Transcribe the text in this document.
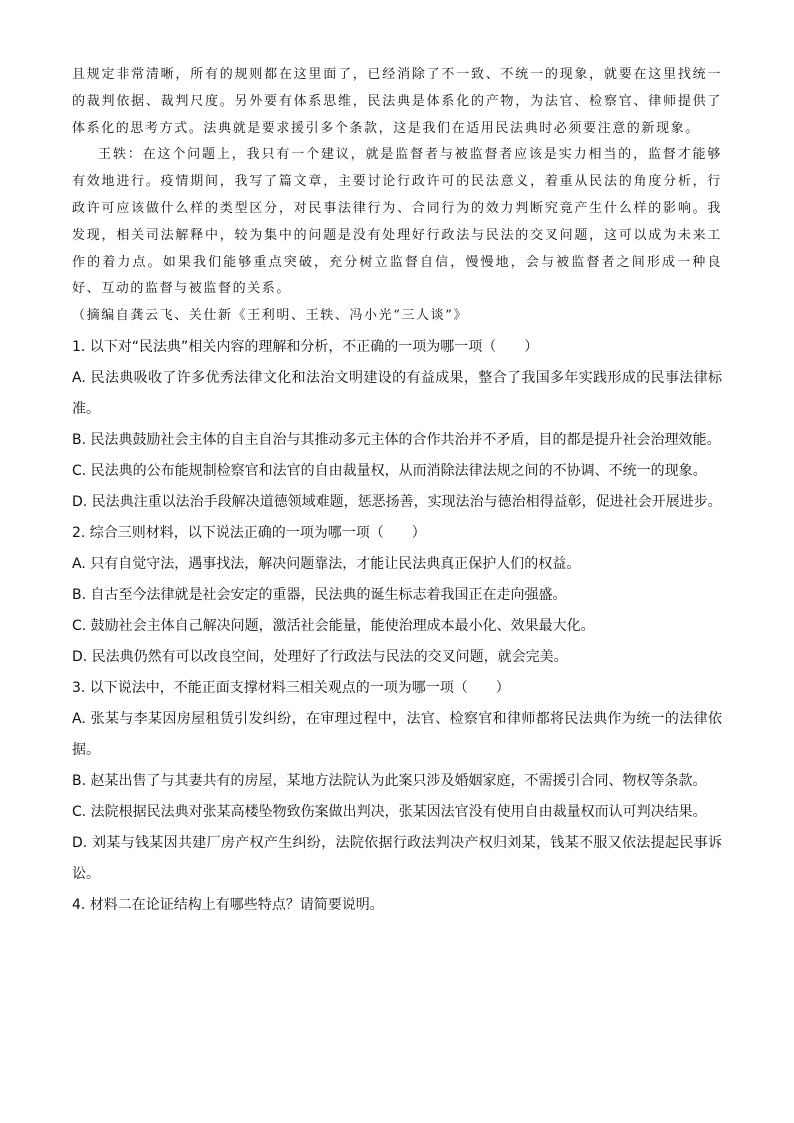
且规定非常清晰，所有的规则都在这里面了，已经消除了不一致、不统一的现象，就要在这里找统一的裁判依据、裁判尺度。另外要有体系思维，民法典是体系化的产物，为法官、检察官、律师提供了体系化的思考方式。法典就是要求援引多个条款，这是我们在适用民法典时必须要注意的新现象。

王轶：在这个问题上，我只有一个建议，就是监督者与被监督者应该是实力相当的，监督才能够有效地进行。疫情期间，我写了篇文章，主要讨论行政许可的民法意义，着重从民法的角度分析，行政许可应该做什么样的类型区分，对民事法律行为、合同行为的效力判断究竟产生什么样的影响。我发现，相关司法解释中，较为集中的问题是没有处理好行政法与民法的交叉问题，这可以成为未来工作的着力点。如果我们能够重点突破，充分树立监督自信，慢慢地，会与被监督者之间形成一种良好、互动的监督与被监督的关系。

（摘编自龚云飞、关仕新《王利明、王轶、冯小光“三人谈”》

1. 以下对“民法典”相关内容的理解和分析，不正确的一项为哪一项（　　）

A. 民法典吸收了许多优秀法律文化和法治文明建设的有益成果，整合了我国多年实践形成的民事法律标准。

B. 民法典鼓励社会主体的自主自治与其推动多元主体的合作共治并不矛盾，目的都是提升社会治理效能。

C. 民法典的公布能规制检察官和法官的自由裁量权，从而消除法律法规之间的不协调、不统一的现象。

D. 民法典注重以法治手段解决道德领域难题，惩恶扬善，实现法治与德治相得益彰，促进社会开展进步。

2. 综合三则材料，以下说法正确的一项为哪一项（　　）

A. 只有自觉守法，遇事找法，解决问题靠法，才能让民法典真正保护人们的权益。

B. 自古至今法律就是社会安定的重器，民法典的诞生标志着我国正在走向强盛。

C. 鼓励社会主体自己解决问题，激活社会能量，能使治理成本最小化、效果最大化。

D. 民法典仍然有可以改良空间，处理好了行政法与民法的交叉问题，就会完美。

3. 以下说法中，不能正面支撑材料三相关观点的一项为哪一项（　　）

A. 张某与李某因房屋租赁引发纠纷，在审理过程中，法官、检察官和律师都将民法典作为统一的法律依据。

B. 赵某出售了与其妻共有的房屋，某地方法院认为此案只涉及婚姻家庭，不需援引合同、物权等条款。

C. 法院根据民法典对张某高楼坠物致伤案做出判决，张某因法官没有使用自由裁量权而认可判决结果。

D. 刘某与钱某因共建厂房产权产生纠纷，法院依据行政法判决产权归刘某，钱某不服又依法提起民事诉讼。

4. 材料二在论证结构上有哪些特点？请简要说明。
